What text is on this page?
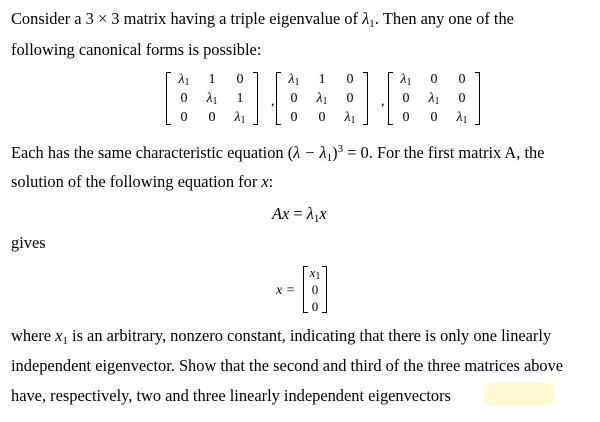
Consider a 3 × 3 matrix having a triple eigenvalue of $\lambda_1$. Then any one of the
following canonical forms is possible:
λ1	1	0
0	λ1	1
0	0	λ1
,
λ1	1	0
0	λ1	0
0	0	λ1
,
λ1	0	0
0	λ1	0
0	0	λ1
Each has the same characteristic equation $(\lambda - \lambda_1)^3 = 0$. For the first matrix A, the
solution of the following equation for x:
$Ax = \lambda_1x$
gives
x =
x1
0
0
where $x_1$ is an arbitrary, nonzero constant, indicating that there is only one linearly
independent eigenvector. Show that the second and third of the three matrices above
have, respectively, two and three linearly independent eigenvectors
